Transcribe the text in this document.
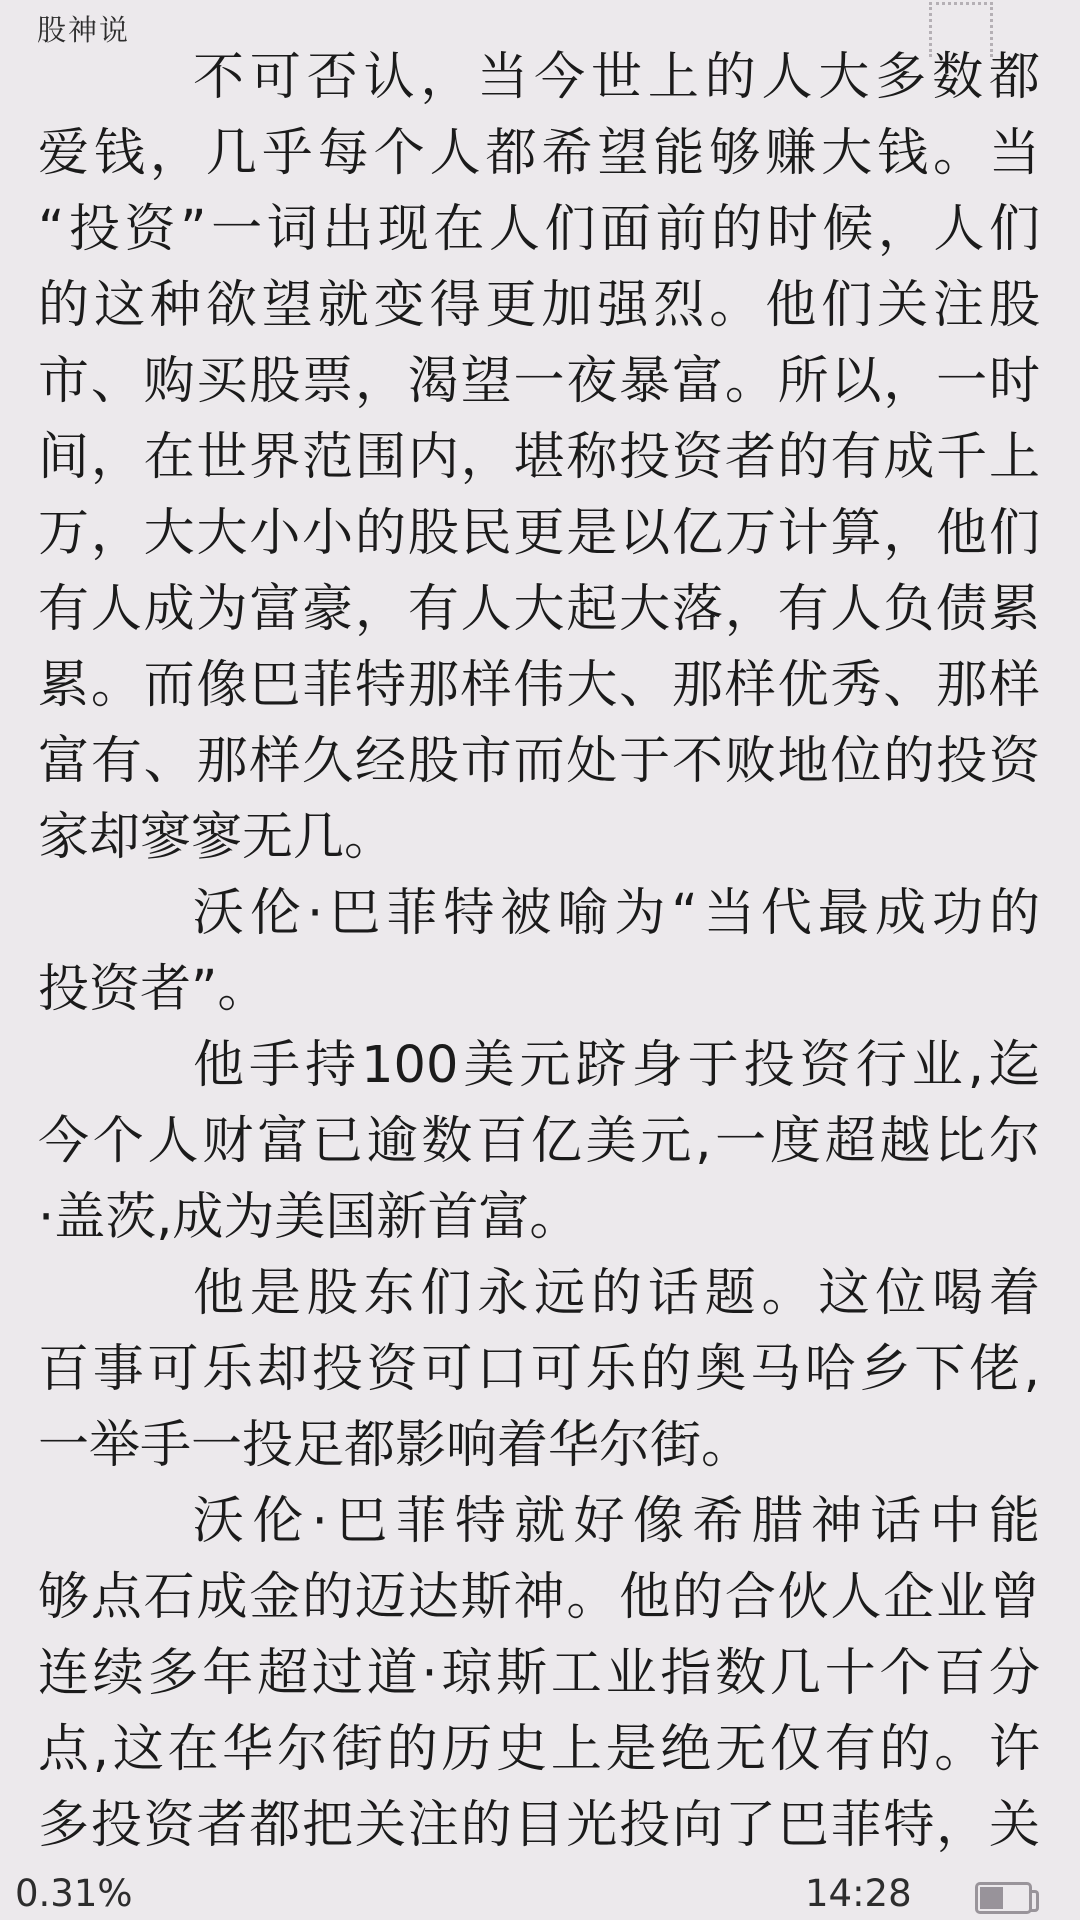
股神说
不可否认，当今世上的人大多数都
爱钱，几乎每个人都希望能够赚大钱。当
“投资”一词出现在人们面前的时候，人们
的这种欲望就变得更加强烈。他们关注股
市、购买股票，渴望一夜暴富。所以，一时
间，在世界范围内，堪称投资者的有成千上
万，大大小小的股民更是以亿万计算，他们
有人成为富豪，有人大起大落，有人负债累
累。而像巴菲特那样伟大、那样优秀、那样
富有、那样久经股市而处于不败地位的投资
家却寥寥无几。
沃伦·巴菲特被喻为“当代最成功的
投资者”。
他手持100美元跻身于投资行业,迄
今个人财富已逾数百亿美元,一度超越比尔
·盖茨,成为美国新首富。
他是股东们永远的话题。这位喝着
百事可乐却投资可口可乐的奥马哈乡下佬,
一举手一投足都影响着华尔街。
沃伦·巴菲特就好像希腊神话中能
够点石成金的迈达斯神。他的合伙人企业曾
连续多年超过道·琼斯工业指数几十个百分
点,这在华尔街的历史上是绝无仅有的。许
多投资者都把关注的目光投向了巴菲特，关
0.31%	14:28
